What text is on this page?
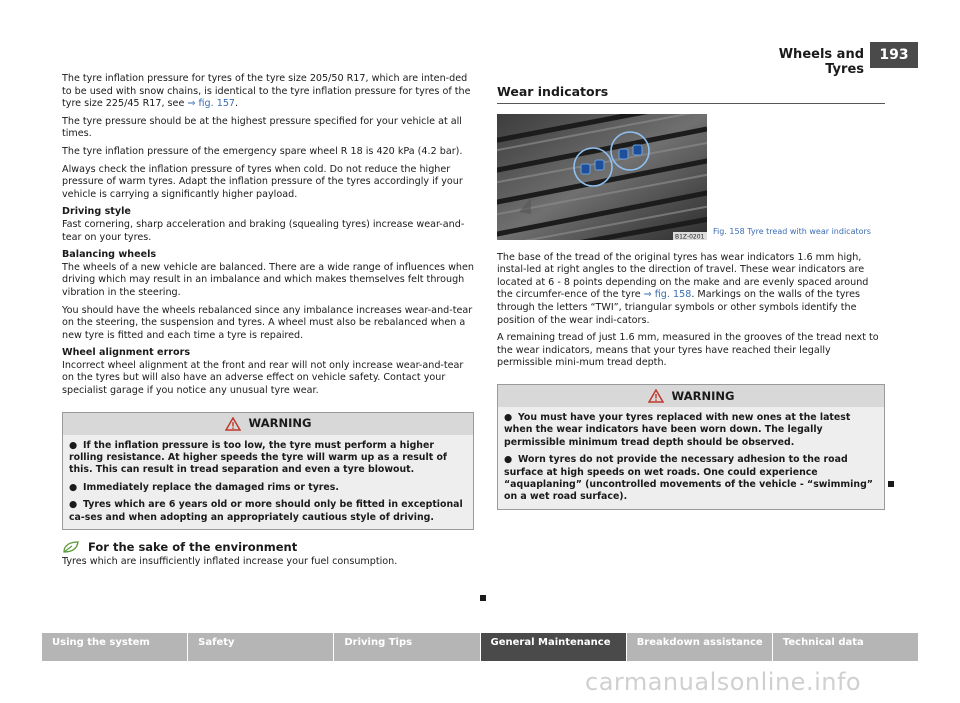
Wheels and Tyres
193

The tyre inflation pressure for tyres of the tyre size 205/50 R17, which are inten-ded to be used with snow chains, is identical to the tyre inflation pressure for tyres of the tyre size 225/45 R17, see ⇒ fig. 157.

The tyre pressure should be at the highest pressure specified for your vehicle at all times.

The tyre inflation pressure of the emergency spare wheel R 18 is 420 kPa (4.2 bar).

Always check the inflation pressure of tyres when cold. Do not reduce the higher pressure of warm tyres. Adapt the inflation pressure of the tyres accordingly if your vehicle is carrying a significantly higher payload.

Driving style

Fast cornering, sharp acceleration and braking (squealing tyres) increase wear-and-tear on your tyres.

Balancing wheels

The wheels of a new vehicle are balanced. There are a wide range of influences when driving which may result in an imbalance and which makes themselves felt through vibration in the steering.

You should have the wheels rebalanced since any imbalance increases wear-and-tear on the steering, the suspension and tyres. A wheel must also be rebalanced when a new tyre is fitted and each time a tyre is repaired.

Wheel alignment errors

Incorrect wheel alignment at the front and rear will not only increase wear-and-tear on the tyres but will also have an adverse effect on vehicle safety. Contact your specialist garage if you notice any unusual tyre wear.

WARNING
● If the inflation pressure is too low, the tyre must perform a higher rolling resistance. At higher speeds the tyre will warm up as a result of this. This can result in tread separation and even a tyre blowout.
● Immediately replace the damaged rims or tyres.
● Tyres which are 6 years old or more should only be fitted in exceptional ca-ses and when adopting an appropriately cautious style of driving.
For the sake of the environment

Tyres which are insufficiently inflated increase your fuel consumption.

Wear indicators
B1Z-0201
Fig. 158 Tyre tread with wear indicators

The base of the tread of the original tyres has wear indicators 1.6 mm high, instal-led at right angles to the direction of travel. These wear indicators are located at 6 - 8 points depending on the make and are evenly spaced around the circumfer-ence of the tyre ⇒ fig. 158. Markings on the walls of the tyres through the letters “TWI”, triangular symbols or other symbols identify the position of the wear indi-cators.

A remaining tread of just 1.6 mm, measured in the grooves of the tread next to the wear indicators, means that your tyres have reached their legally permissible mini-mum tread depth.

WARNING
● You must have your tyres replaced with new ones at the latest when the wear indicators have been worn down. The legally permissible minimum tread depth should be observed.
● Worn tyres do not provide the necessary adhesion to the road surface at high speeds on wet roads. One could experience “aquaplaning” (uncontrolled movements of the vehicle - “swimming” on a wet road surface).
Using the system	Safety	Driving Tips	General Maintenance	Breakdown assistance	Technical data
carmanualsonline.info
